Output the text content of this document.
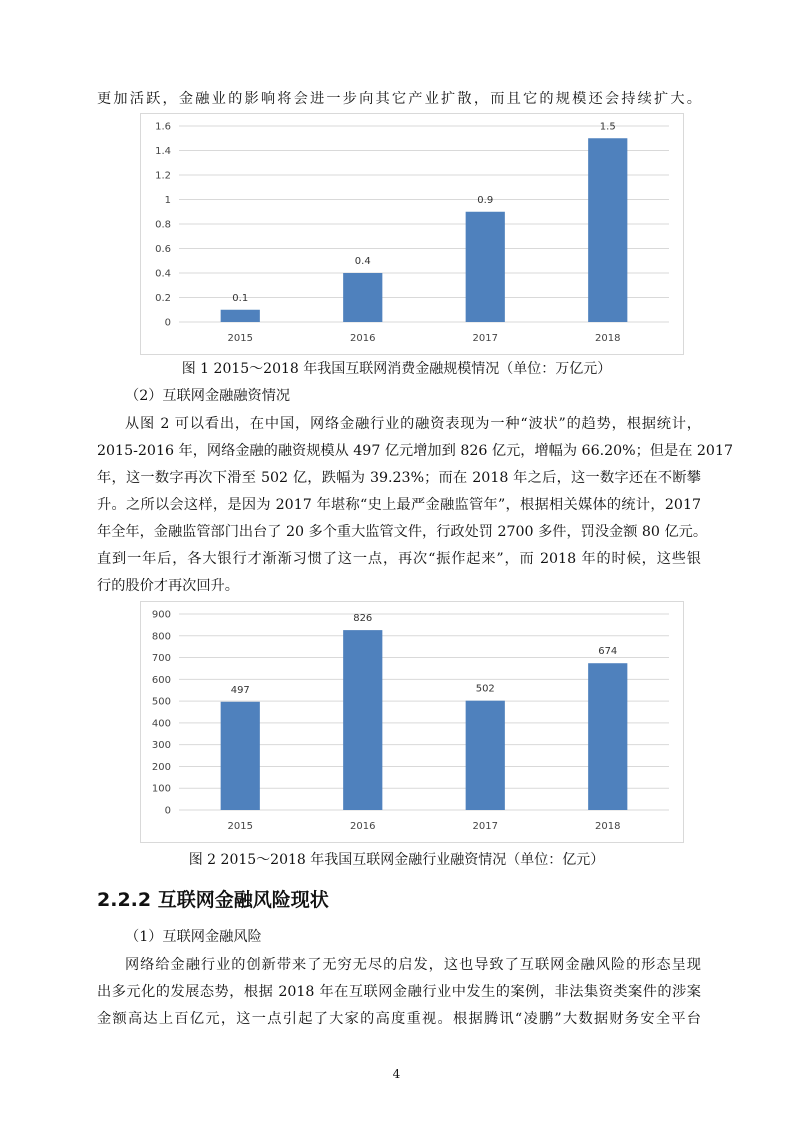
更加活跃，金融业的影响将会进一步向其它产业扩散，而且它的规模还会持续扩大。
0
0.2
0.4
0.6
0.8
1
1.2
1.4
1.6
0.1
2015
0.4
2016
0.9
2017
1.5
2018
图 1 2015～2018 年我国互联网消费金融规模情况（单位：万亿元）
（2）互联网金融融资情况
从图 2 可以看出，在中国，网络金融行业的融资表现为一种“波状”的趋势，根据统计，
2015-2016 年，网络金融的融资规模从 497 亿元增加到 826 亿元，增幅为 66.20%；但是在 2017
年，这一数字再次下滑至 502 亿，跌幅为 39.23%；而在 2018 年之后，这一数字还在不断攀
升。之所以会这样，是因为 2017 年堪称“史上最严金融监管年”，根据相关媒体的统计，2017
年全年，金融监管部门出台了 20 多个重大监管文件，行政处罚 2700 多件，罚没金额 80 亿元。
直到一年后，各大银行才渐渐习惯了这一点，再次“振作起来”，而 2018 年的时候，这些银
行的股价才再次回升。
0
100
200
300
400
500
600
700
800
900
497
2015
826
2016
502
2017
674
2018
图 2 2015～2018 年我国互联网金融行业融资情况（单位：亿元）
2.2.2 互联网金融风险现状
（1）互联网金融风险
网络给金融行业的创新带来了无穷无尽的启发，这也导致了互联网金融风险的形态呈现
出多元化的发展态势，根据 2018 年在互联网金融行业中发生的案例，非法集资类案件的涉案
金额高达上百亿元，这一点引起了大家的高度重视。根据腾讯“凌鹏”大数据财务安全平台
4
